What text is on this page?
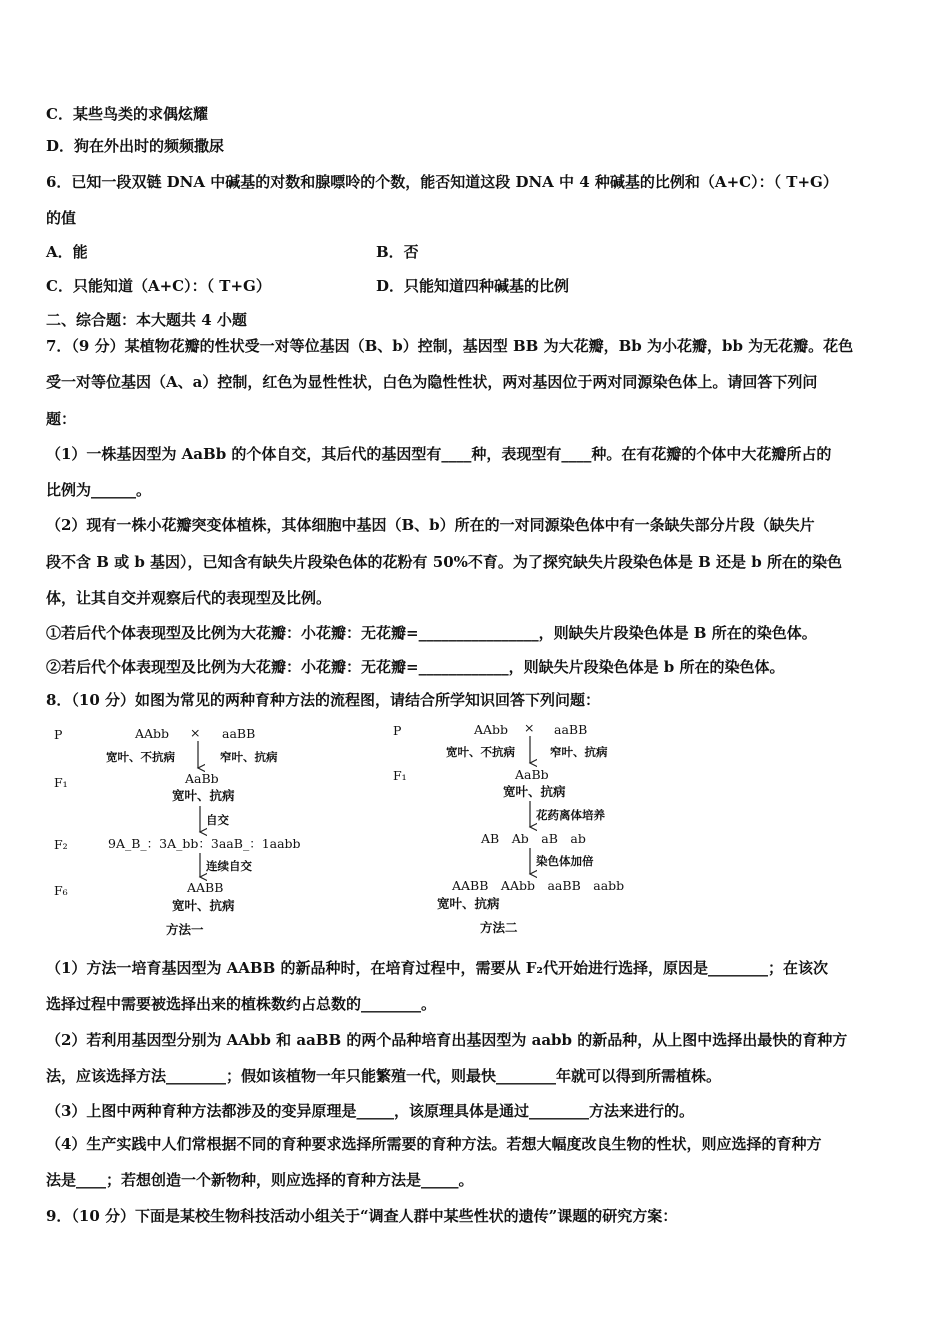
C．某些鸟类的求偶炫耀
D．狗在外出时的频频撒尿
6．已知一段双链 DNA 中碱基的对数和腺嘌呤的个数，能否知道这段 DNA 中 4 种碱基的比例和（A+C）：（ T+G）
的值
A．能	B．否
C．只能知道（A+C）：（ T+G）	D．只能知道四种碱基的比例
二、综合题：本大题共 4 小题
7．（9 分）某植物花瓣的性状受一对等位基因（B、b）控制，基因型 BB 为大花瓣，Bb 为小花瓣，bb 为无花瓣。花色
受一对等位基因（A、a）控制，红色为显性性状，白色为隐性性状，两对基因位于两对同源染色体上。请回答下列问
题：
（1）一株基因型为 AaBb 的个体自交，其后代的基因型有____种，表现型有____种。在有花瓣的个体中大花瓣所占的
比例为______。
（2）现有一株小花瓣突变体植株，其体细胞中基因（B、b）所在的一对同源染色体中有一条缺失部分片段（缺失片
段不含 B 或 b 基因），已知含有缺失片段染色体的花粉有 50%不育。为了探究缺失片段染色体是 B 还是 b 所在的染色
体，让其自交并观察后代的表现型及比例。
①若后代个体表现型及比例为大花瓣：小花瓣：无花瓣=________________，则缺失片段染色体是 B 所在的染色体。
②若后代个体表现型及比例为大花瓣：小花瓣：无花瓣=____________，则缺失片段染色体是 b 所在的染色体。
8．（10 分）如图为常见的两种育种方法的流程图，请结合所学知识回答下列问题：
P
F₁
F₂
F₆
AAbb × aaBB
宽叶、不抗病	窄叶、抗病
AaBb
宽叶、抗病
自交
9A_B_：3A_bb：3aaB_：1aabb
连续自交
AABB
宽叶、抗病
方法一
P
F₁
AAbb × aaBB
宽叶、不抗病	窄叶、抗病
AaBb
宽叶、抗病
花药离体培养
AB　Ab　aB　ab
染色体加倍
AABB　AAbb　aaBB　aabb
宽叶、抗病
方法二
（1）方法一培育基因型为 AABB 的新品种时，在培育过程中，需要从 F₂代开始进行选择，原因是________；在该次
选择过程中需要被选择出来的植株数约占总数的________。
（2）若利用基因型分别为 AAbb 和 aaBB 的两个品种培育出基因型为 aabb 的新品种，从上图中选择出最快的育种方
法，应该选择方法________；假如该植物一年只能繁殖一代，则最快________年就可以得到所需植株。
（3）上图中两种育种方法都涉及的变异原理是_____，该原理具体是通过________方法来进行的。
（4）生产实践中人们常根据不同的育种要求选择所需要的育种方法。若想大幅度改良生物的性状，则应选择的育种方
法是____；若想创造一个新物种，则应选择的育种方法是_____。
9．（10 分）下面是某校生物科技活动小组关于“调查人群中某些性状的遗传”课题的研究方案：
